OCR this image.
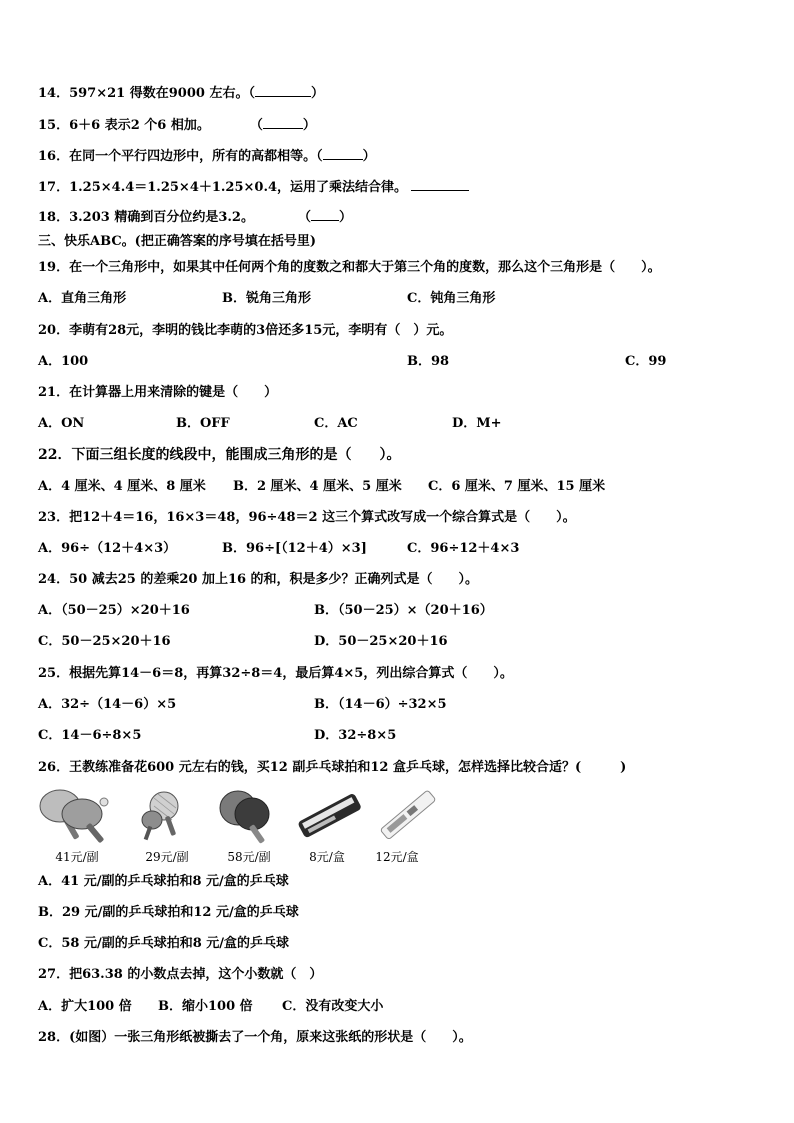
14．597×21 得数在9000 左右。（	）
15．6＋6 表示2 个6 相加。	（	）
16．在同一个平行四边形中，所有的高都相等。（	）
17．1.25×4.4＝1.25×4＋1.25×0.4，运用了乘法结合律。
18．3.203 精确到百分位约是3.2。	（ ）
三、快乐ABC。(把正确答案的序号填在括号里)
19．在一个三角形中，如果其中任何两个角的度数之和都大于第三个角的度数，那么这个三角形是（　　）。
A．直角三角形	B．锐角三角形	C．钝角三角形
20．李萌有28元，李明的钱比李萌的3倍还多15元，李明有（　）元。
A．100	B．98	C．99
21．在计算器上用来清除的键是（　　）
A．ON	B．OFF	C．AC	D．M+
22．下面三组长度的线段中，能围成三角形的是（　　）。
A．4 厘米、4 厘米、8 厘米 B．2 厘米、4 厘米、5 厘米 C．6 厘米、7 厘米、15 厘米
23．把12＋4＝16，16×3＝48，96÷48＝2 这三个算式改写成一个综合算式是（　　）。
A．96÷（12＋4×3）	B．96÷[（12＋4）×3]	C．96÷12＋4×3
24．50 减去25 的差乘20 加上16 的和，积是多少？正确列式是（　　）。
A．（50－25）×20＋16	B．（50－25）×（20＋16）
C．50－25×20＋16	D．50－25×20＋16
25．根据先算14－6＝8，再算32÷8＝4，最后算4×5，列出综合算式（　　）。
A．32÷（14－6）×5	B．（14－6）÷32×5
C．14－6÷8×5	D．32÷8×5
26．王教练准备花600 元左右的钱，买12 副乒乓球拍和12 盒乒乓球，怎样选择比较合适？(　　　)
41元/副	29元/副	58元/副	8元/盒	12元/盒
A．41 元/副的乒乓球拍和8 元/盒的乒乓球
B．29 元/副的乒乓球拍和12 元/盒的乒乓球
C．58 元/副的乒乓球拍和8 元/盒的乒乓球
27．把63.38 的小数点去掉，这个小数就（　）
A．扩大100 倍 B．缩小100 倍 C．没有改变大小
28．(如图）一张三角形纸被撕去了一个角，原来这张纸的形状是（　　）。
